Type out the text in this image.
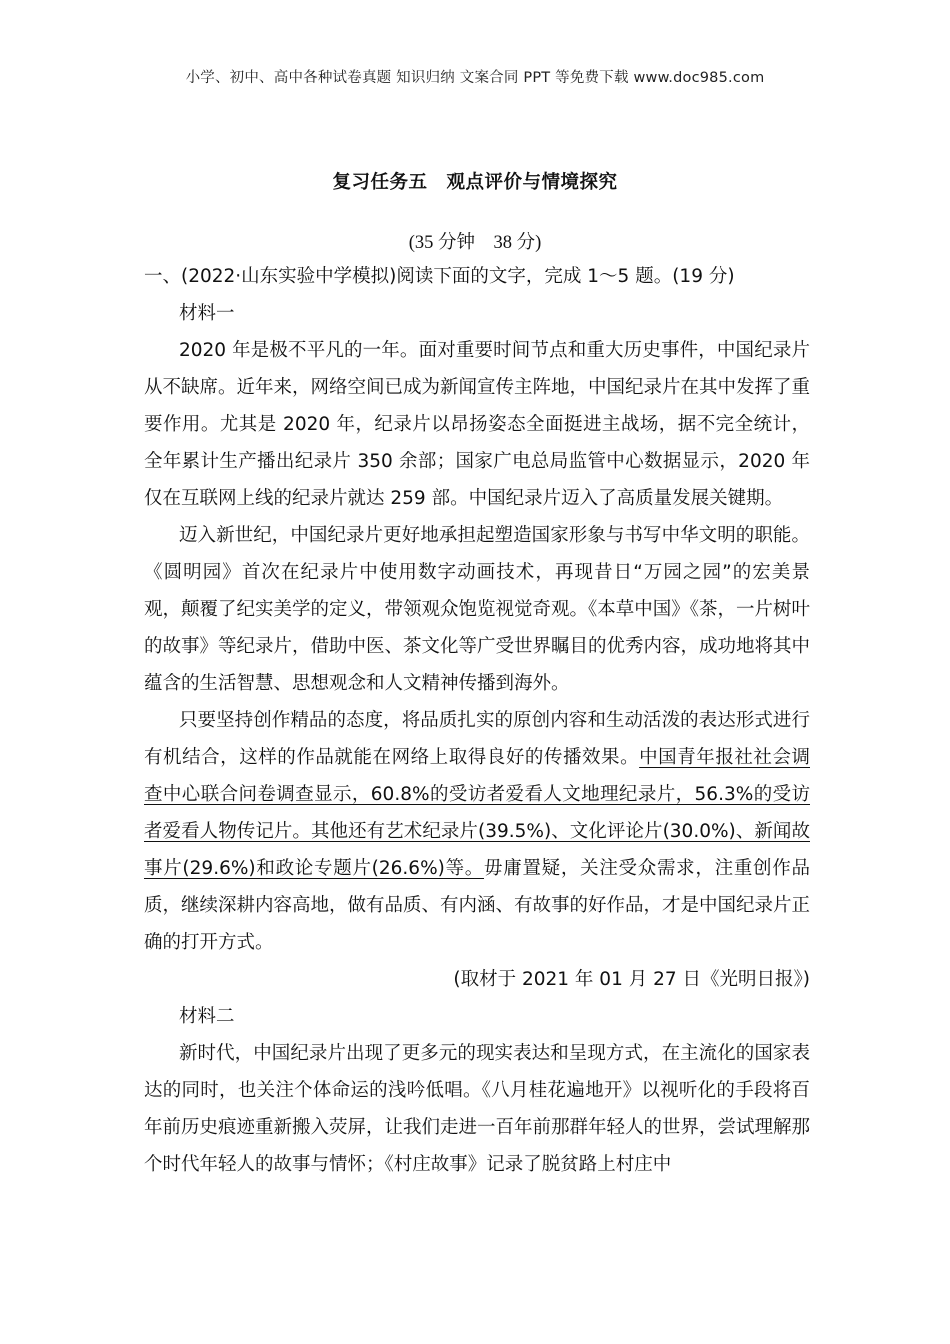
小学、初中、高中各种试卷真题 知识归纳 文案合同 PPT 等免费下载 www.doc985.com
复习任务五　观点评价与情境探究
(35 分钟　38 分)

一、(2022·山东实验中学模拟)阅读下面的文字，完成 1～5 题。(19 分)

材料一

2020 年是极不平凡的一年。面对重要时间节点和重大历史事件，中国纪录片从不缺席。近年来，网络空间已成为新闻宣传主阵地，中国纪录片在其中发挥了重要作用。尤其是 2020 年，纪录片以昂扬姿态全面挺进主战场，据不完全统计，全年累计生产播出纪录片 350 余部；国家广电总局监管中心数据显示，2020 年仅在互联网上线的纪录片就达 259 部。中国纪录片迈入了高质量发展关键期。

迈入新世纪，中国纪录片更好地承担起塑造国家形象与书写中华文明的职能。《圆明园》首次在纪录片中使用数字动画技术，再现昔日“万园之园”的宏美景观，颠覆了纪实美学的定义，带领观众饱览视觉奇观。《本草中国》《茶，一片树叶的故事》等纪录片，借助中医、茶文化等广受世界瞩目的优秀内容，成功地将其中蕴含的生活智慧、思想观念和人文精神传播到海外。

只要坚持创作精品的态度，将品质扎实的原创内容和生动活泼的表达形式进行有机结合，这样的作品就能在网络上取得良好的传播效果。中国青年报社社会调查中心联合问卷调查显示，60.8%的受访者爱看人文地理纪录片，56.3%的受访者爱看人物传记片。其他还有艺术纪录片(39.5%)、文化评论片(30.0%)、新闻故事片(29.6%)和政论专题片(26.6%)等。毋庸置疑，关注受众需求，注重创作品质，继续深耕内容高地，做有品质、有内涵、有故事的好作品，才是中国纪录片正确的打开方式。

(取材于 2021 年 01 月 27 日《光明日报》)

材料二

新时代，中国纪录片出现了更多元的现实表达和呈现方式，在主流化的国家表达的同时，也关注个体命运的浅吟低唱。《八月桂花遍地开》以视听化的手段将百年前历史痕迹重新搬入荧屏，让我们走进一百年前那群年轻人的世界，尝试理解那个时代年轻人的故事与情怀；《村庄故事》记录了脱贫路上村庄中
